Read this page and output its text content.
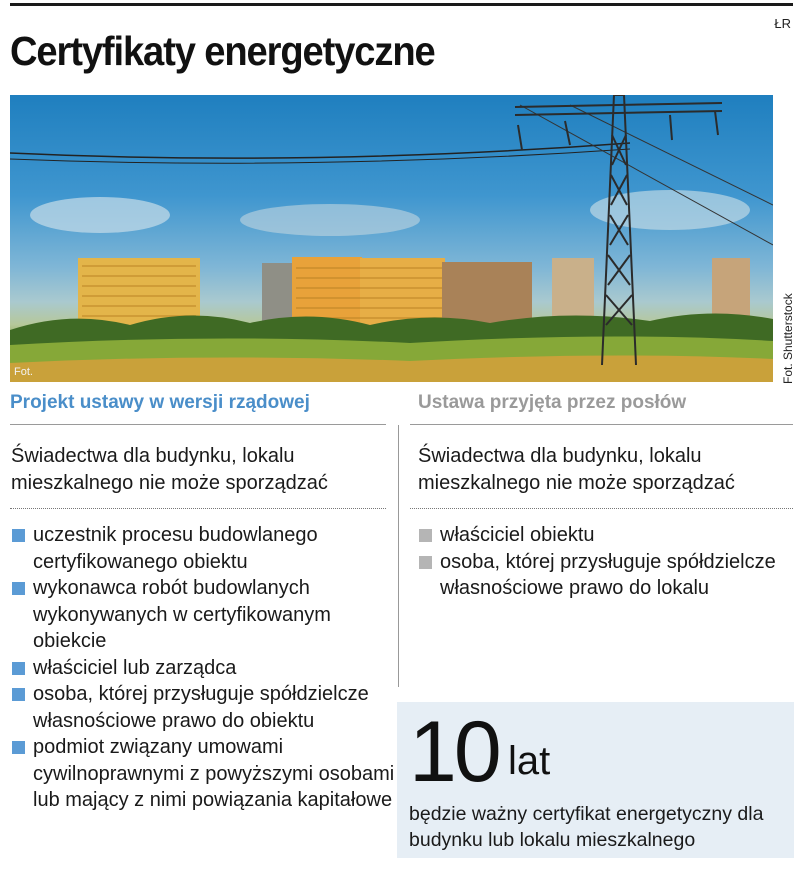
ŁR
Certyfikaty energetyczne
Fot.	Fot. Shutterstock
Projekt ustawy w wersji rządowej	Ustawa przyjęta przez posłów
Świadectwa dla budynku, lokalu mieszkalnego nie może sporządzać
Świadectwa dla budynku, lokalu mieszkalnego nie może sporządzać
uczestnik procesu budowlanego certyfikowanego obiektu
wykonawca robót budowlanych wykonywanych w certyfikowanym obiekcie
właściciel lub zarządca
osoba, której przysługuje spółdzielcze własnościowe prawo do obiektu
podmiot związany umowami cywilnoprawnymi z powyższymi osobami lub mający z nimi powiązania kapitałowe
właściciel obiektu
osoba, której przysługuje spółdzielcze własnościowe prawo do lokalu
10 lat
będzie ważny certyfikat energetyczny dla budynku lub lokalu mieszkalnego
